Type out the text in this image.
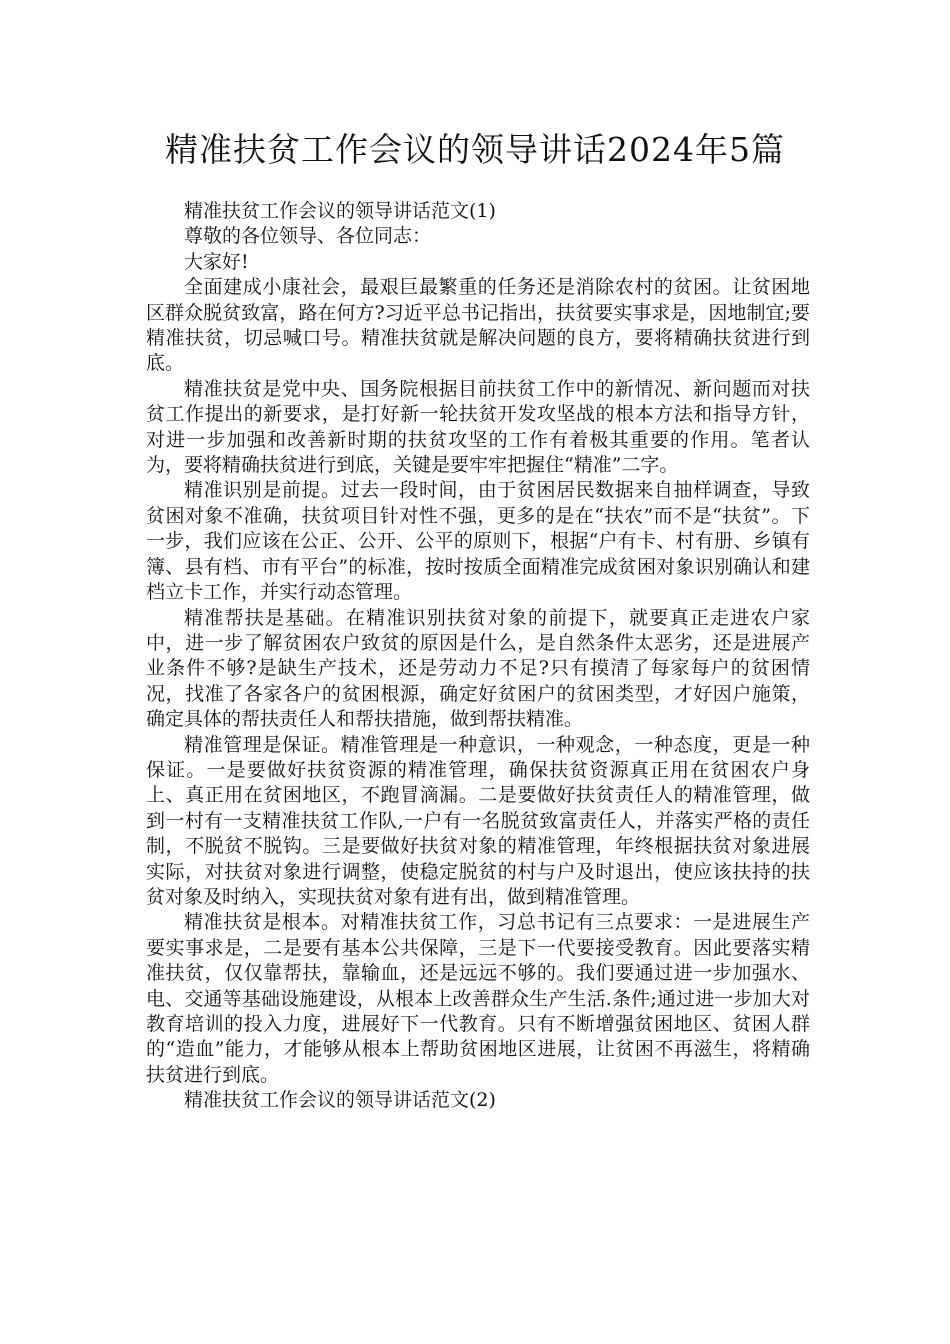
精准扶贫工作会议的领导讲话2024年5篇

精准扶贫工作会议的领导讲话范文(1)

尊敬的各位领导、各位同志：

大家好!

全面建成小康社会，最艰巨最繁重的任务还是消除农村的贫困。让贫困地区群众脱贫致富，路在何方?习近平总书记指出，扶贫要实事求是，因地制宜;要精准扶贫，切忌喊口号。精准扶贫就是解决问题的良方，要将精确扶贫进行到底。

精准扶贫是党中央、国务院根据目前扶贫工作中的新情况、新问题而对扶贫工作提出的新要求，是打好新一轮扶贫开发攻坚战的根本方法和指导方针，对进一步加强和改善新时期的扶贫攻坚的工作有着极其重要的作用。笔者认为，要将精确扶贫进行到底，关键是要牢牢把握住“精准”二字。

精准识别是前提。过去一段时间，由于贫困居民数据来自抽样调查，导致贫困对象不准确，扶贫项目针对性不强，更多的是在“扶农”而不是“扶贫”。下一步，我们应该在公正、公开、公平的原则下，根据“户有卡、村有册、乡镇有簿、县有档、市有平台”的标准，按时按质全面精准完成贫困对象识别确认和建档立卡工作，并实行动态管理。

精准帮扶是基础。在精准识别扶贫对象的前提下，就要真正走进农户家中，进一步了解贫困农户致贫的原因是什么，是自然条件太恶劣，还是进展产业条件不够?是缺生产技术，还是劳动力不足?只有摸清了每家每户的贫困情况，找准了各家各户的贫困根源，确定好贫困户的贫困类型，才好因户施策，确定具体的帮扶责任人和帮扶措施，做到帮扶精准。

精准管理是保证。精准管理是一种意识，一种观念，一种态度，更是一种保证。一是要做好扶贫资源的精准管理，确保扶贫资源真正用在贫困农户身上、真正用在贫困地区，不跑冒滴漏。二是要做好扶贫责任人的精准管理，做到一村有一支精准扶贫工作队,一户有一名脱贫致富责任人，并落实严格的责任制，不脱贫不脱钩。三是要做好扶贫对象的精准管理，年终根据扶贫对象进展实际，对扶贫对象进行调整，使稳定脱贫的村与户及时退出，使应该扶持的扶贫对象及时纳入，实现扶贫对象有进有出，做到精准管理。

精准扶贫是根本。对精准扶贫工作，习总书记有三点要求：一是进展生产要实事求是，二是要有基本公共保障，三是下一代要接受教育。因此要落实精准扶贫，仅仅靠帮扶，靠输血，还是远远不够的。我们要通过进一步加强水、电、交通等基础设施建设，从根本上改善群众生产生活.条件;通过进一步加大对教育培训的投入力度，进展好下一代教育。只有不断增强贫困地区、贫困人群的“造血”能力，才能够从根本上帮助贫困地区进展，让贫困不再滋生，将精确扶贫进行到底。

精准扶贫工作会议的领导讲话范文(2)
